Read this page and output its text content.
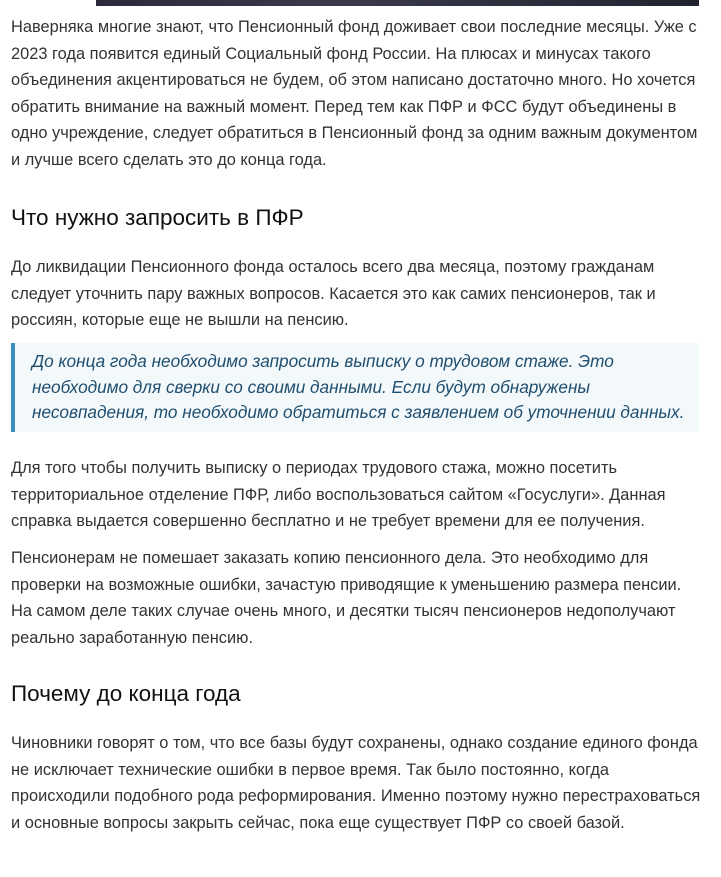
Наверняка многие знают, что Пенсионный фонд доживает свои последние месяцы. Уже с 2023 года появится единый Социальный фонд России. На плюсах и минусах такого объединения акцентироваться не будем, об этом написано достаточно много. Но хочется обратить внимание на важный момент. Перед тем как ПФР и ФСС будут объединены в одно учреждение, следует обратиться в Пенсионный фонд за одним важным документом и лучше всего сделать это до конца года.

Что нужно запросить в ПФР

До ликвидации Пенсионного фонда осталось всего два месяца, поэтому гражданам следует уточнить пару важных вопросов. Касается это как самих пенсионеров, так и россиян, которые еще не вышли на пенсию.

До конца года необходимо запросить выписку о трудовом стаже. Это необходимо для сверки со своими данными. Если будут обнаружены несовпадения, то необходимо обратиться с заявлением об уточнении данных.

Для того чтобы получить выписку о периодах трудового стажа, можно посетить территориальное отделение ПФР, либо воспользоваться сайтом «Госуслуги». Данная справка выдается совершенно бесплатно и не требует времени для ее получения.

Пенсионерам не помешает заказать копию пенсионного дела. Это необходимо для проверки на возможные ошибки, зачастую приводящие к уменьшению размера пенсии. На самом деле таких случае очень много, и десятки тысяч пенсионеров недополучают реально заработанную пенсию.

Почему до конца года

Чиновники говорят о том, что все базы будут сохранены, однако создание единого фонда не исключает технические ошибки в первое время. Так было постоянно, когда происходили подобного рода реформирования. Именно поэтому нужно перестраховаться и основные вопросы закрыть сейчас, пока еще существует ПФР со своей базой.
